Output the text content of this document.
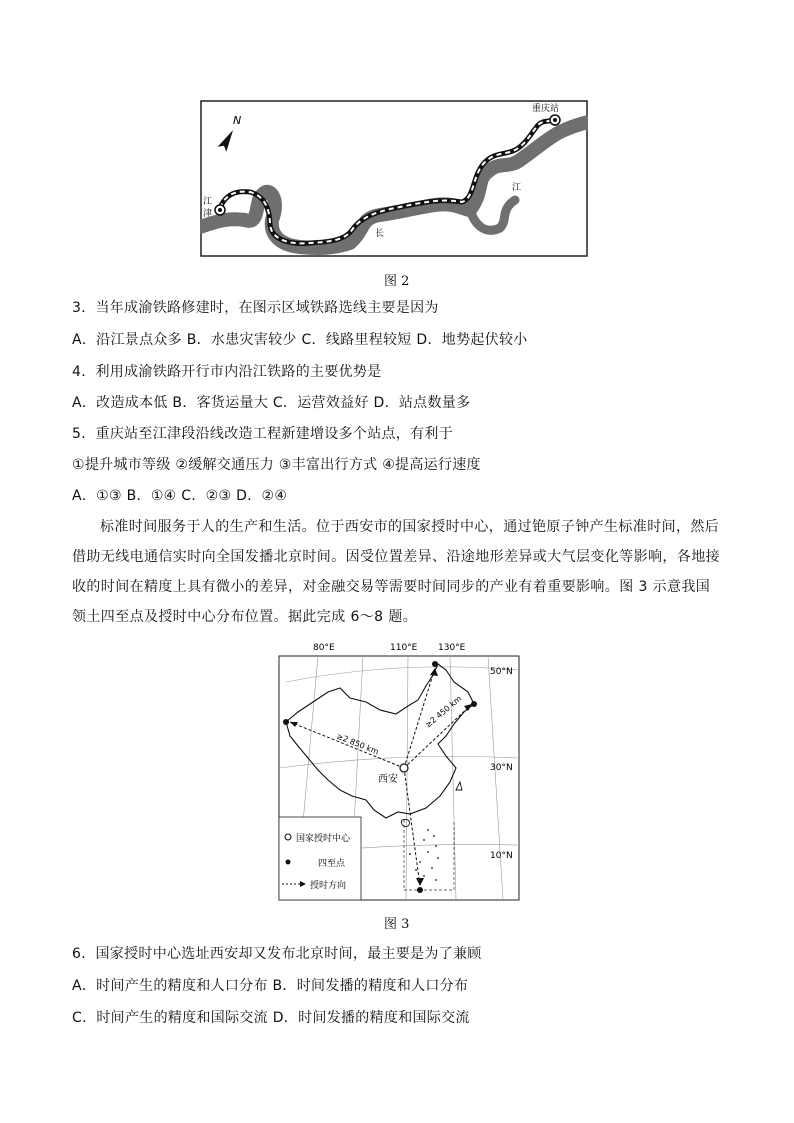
重庆站
江
津
江
长
N
图 2
3．当年成渝铁路修建时，在图示区域铁路选线主要是因为
A．沿江景点众多 B．水患灾害较少 C．线路里程较短 D．地势起伏较小
4．利用成渝铁路开行市内沿江铁路的主要优势是
A．改造成本低 B．客货运量大 C．运营效益好 D．站点数量多
5．重庆站至江津段沿线改造工程新建增设多个站点，有利于
①提升城市等级 ②缓解交通压力 ③丰富出行方式 ④提高运行速度
A．①③ B．①④ C．②③ D．②④
标准时间服务于人的生产和生活。位于西安市的国家授时中心，通过铯原子钟产生标准时间，然后借助无线电通信实时向全国发播北京时间。因受位置差异、沿途地形差异或大气层变化等影响，各地接收的时间在精度上具有微小的差异，对金融交易等需要时间同步的产业有着重要影响。图 3 示意我国领土四至点及授时中心分布位置。据此完成 6～8 题。
80°E	110°E 130°E
50°N
30°N
10°N
西安
≥2 850 km
≥2 450 km
国家授时中心
四至点
授时方向
图 3
6．国家授时中心选址西安却又发布北京时间，最主要是为了兼顾
A．时间产生的精度和人口分布 B．时间发播的精度和人口分布
C．时间产生的精度和国际交流 D．时间发播的精度和国际交流
